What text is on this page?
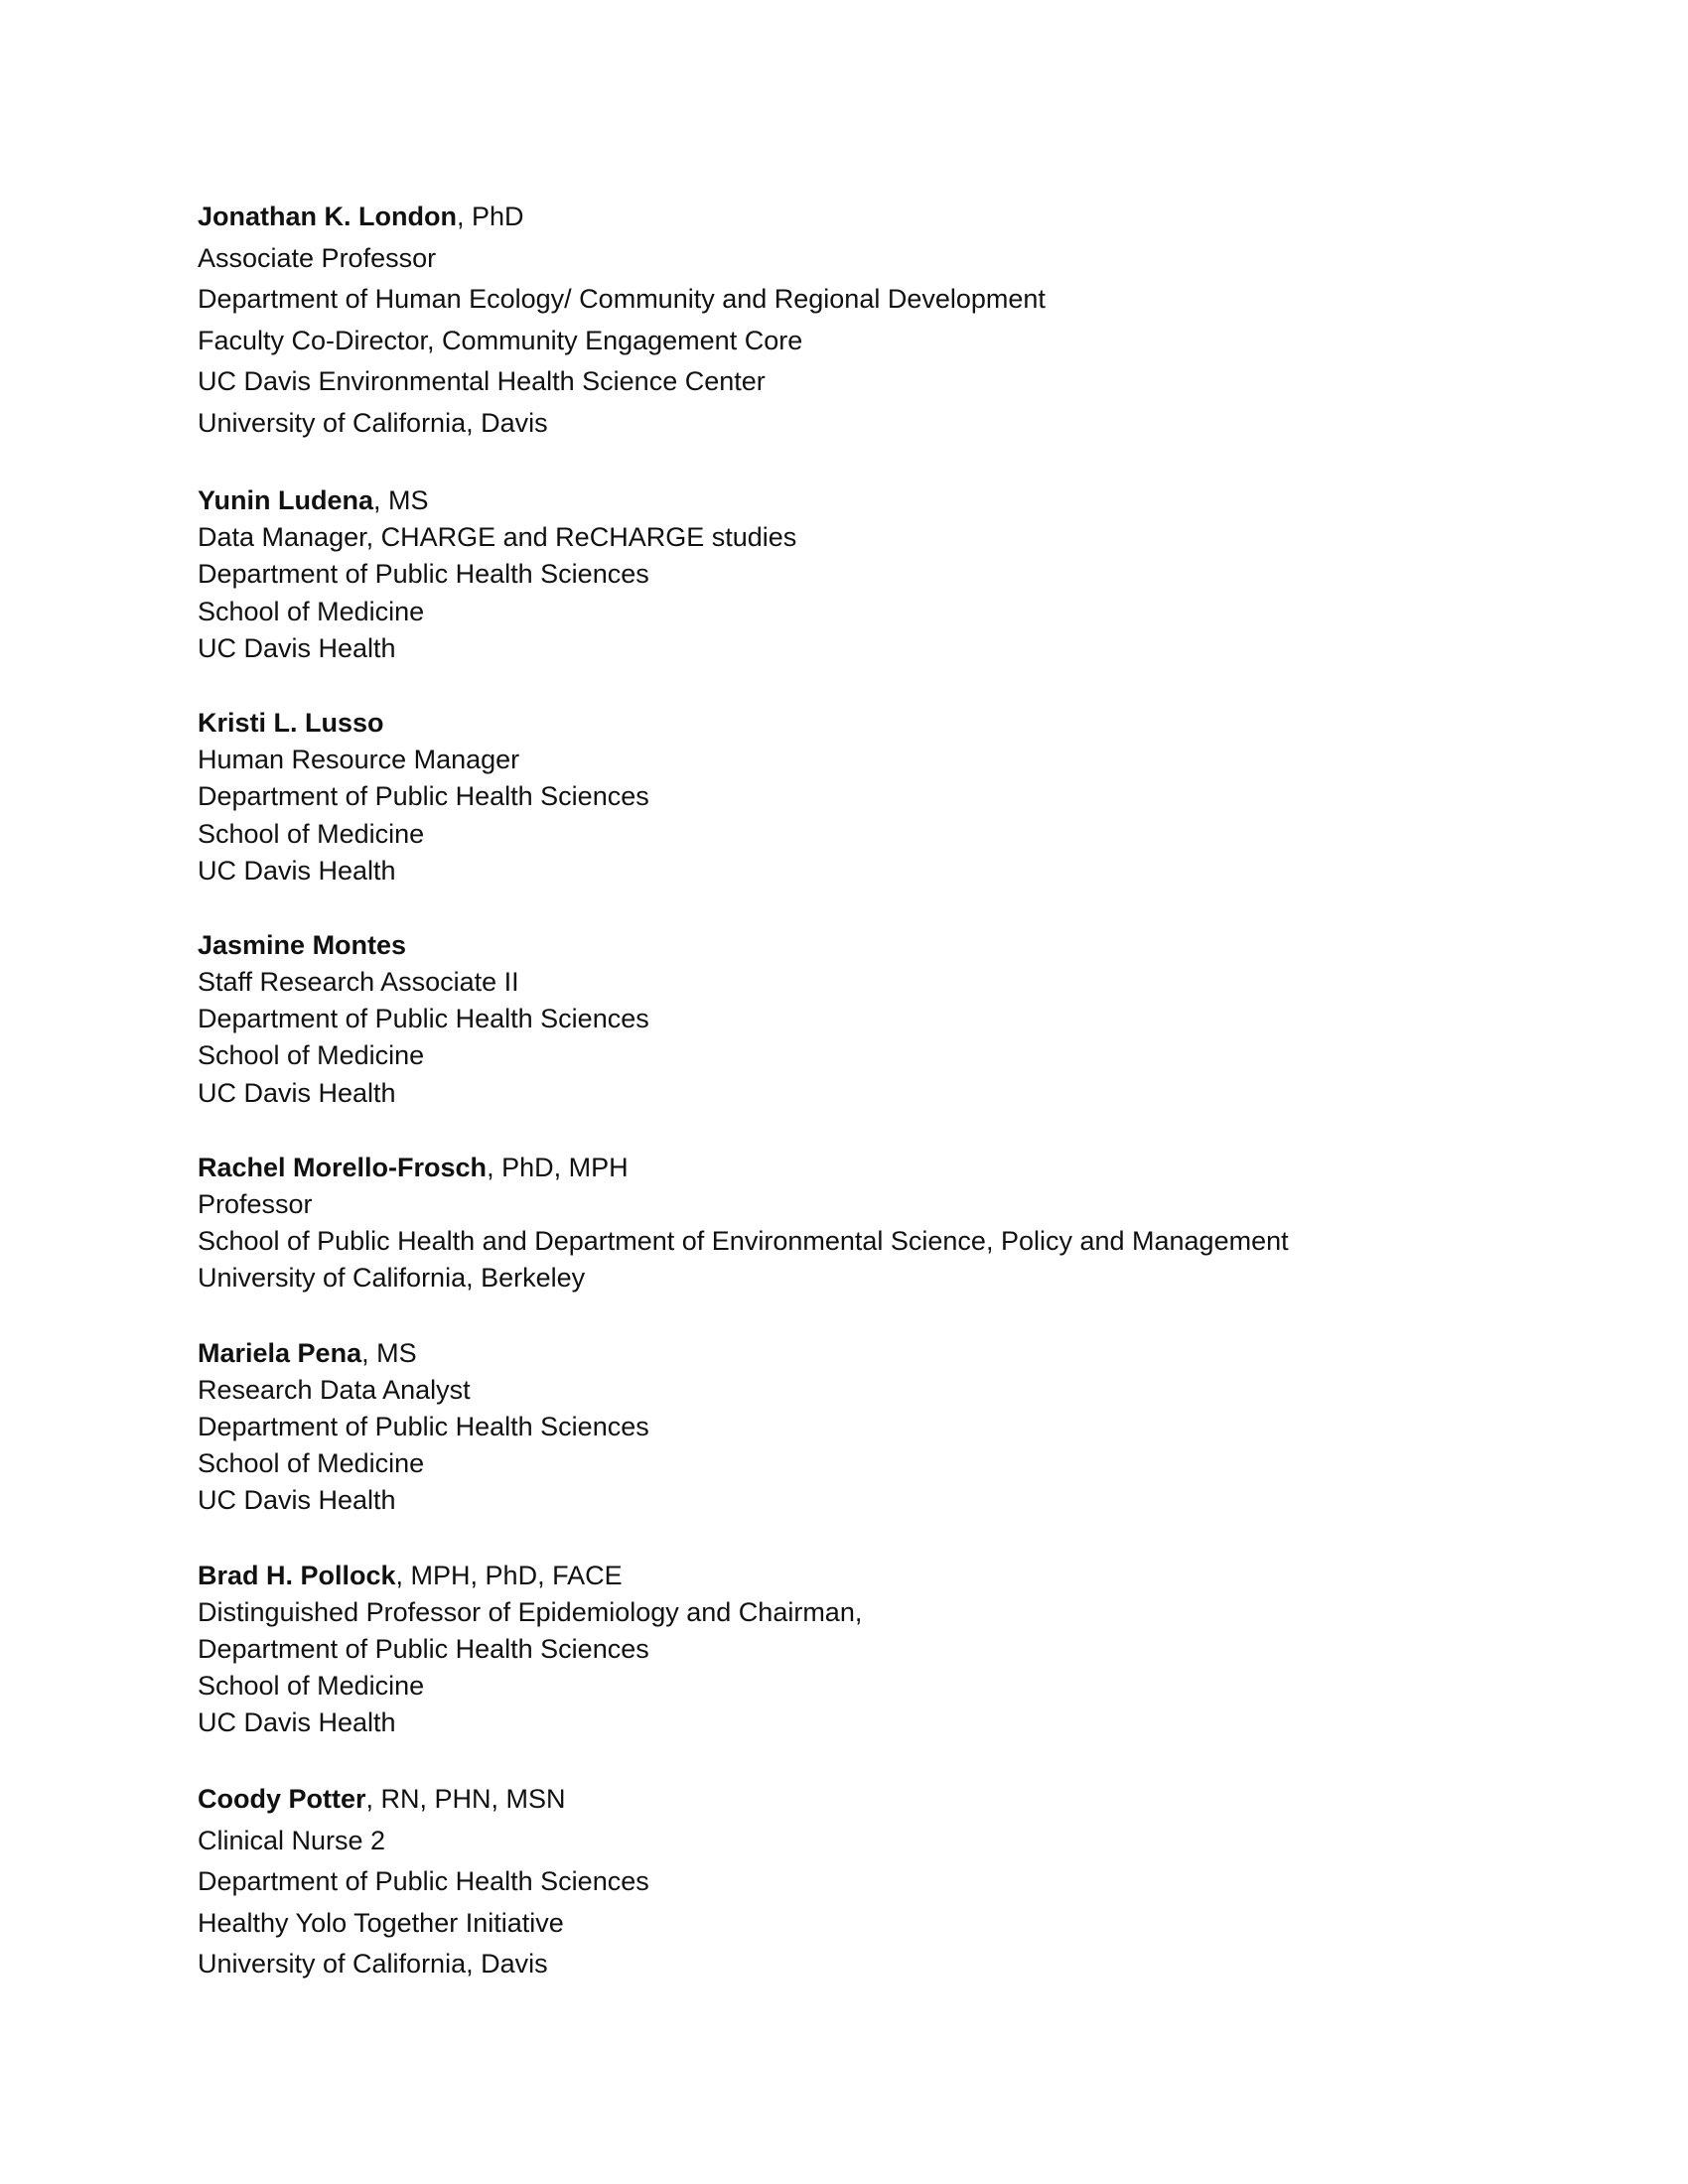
Jonathan K. London, PhD
Associate Professor
Department of Human Ecology/ Community and Regional Development
Faculty Co-Director, Community Engagement Core
UC Davis Environmental Health Science Center
University of California, Davis
Yunin Ludena, MS
Data Manager, CHARGE and ReCHARGE studies
Department of Public Health Sciences
School of Medicine
UC Davis Health
Kristi L. Lusso
Human Resource Manager
Department of Public Health Sciences
School of Medicine
UC Davis Health
Jasmine Montes
Staff Research Associate II
Department of Public Health Sciences
School of Medicine
UC Davis Health
Rachel Morello-Frosch, PhD, MPH
Professor
School of Public Health and Department of Environmental Science, Policy and Management
University of California, Berkeley
Mariela Pena, MS
Research Data Analyst
Department of Public Health Sciences
School of Medicine
UC Davis Health
Brad H. Pollock, MPH, PhD, FACE
Distinguished Professor of Epidemiology and Chairman,
Department of Public Health Sciences
School of Medicine
UC Davis Health
Coody Potter, RN, PHN, MSN
Clinical Nurse 2
Department of Public Health Sciences
Healthy Yolo Together Initiative
University of California, Davis
